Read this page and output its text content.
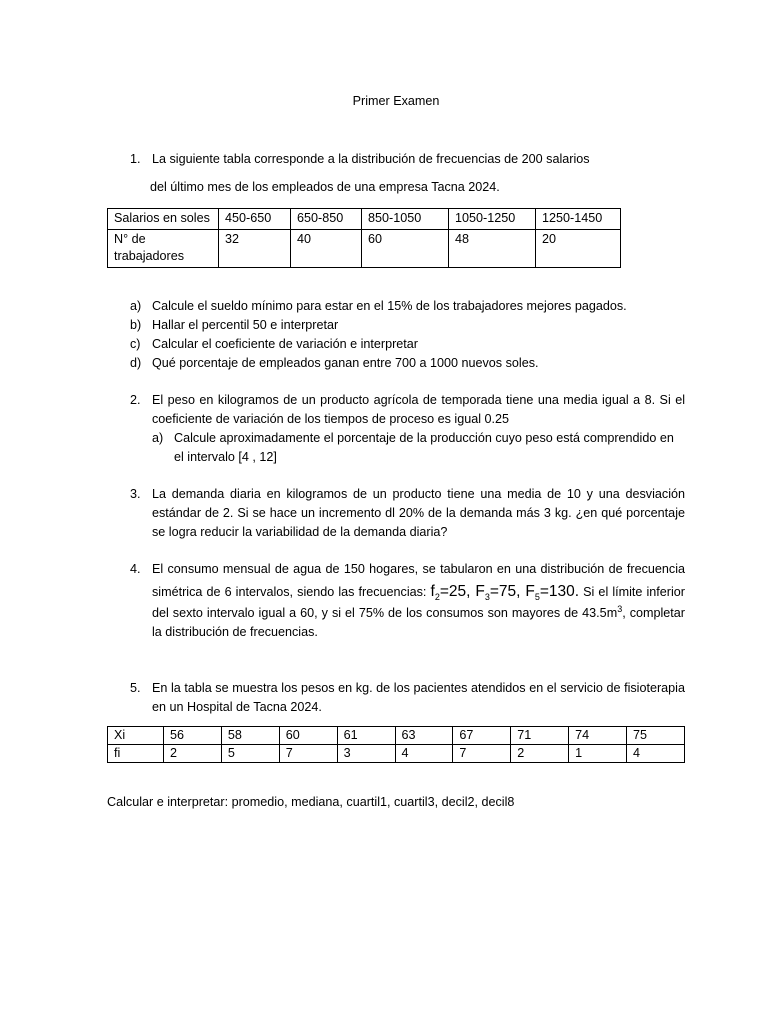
Primer Examen
1. La siguiente tabla corresponde a la distribución de frecuencias de 200 salarios
del último mes de los empleados de una empresa Tacna 2024.
Salarios en soles	450-650	650-850	850-1050	1050-1250	1250-1450

N° de
trabajadores	32	40	60	48	20
a) Calcule el sueldo mínimo para estar en el 15% de los trabajadores mejores pagados.
b) Hallar el percentil 50 e interpretar
c) Calcular el coeficiente de variación e interpretar
d) Qué porcentaje de empleados ganan entre 700 a 1000 nuevos soles.
2. El peso en kilogramos de un producto agrícola de temporada tiene una media igual a 8. Si el coeficiente de variación de los tiempos de proceso es igual 0.25
a) Calcule aproximadamente el porcentaje de la producción cuyo peso está comprendido en el intervalo [4 , 12]
3. La demanda diaria en kilogramos de un producto tiene una media de 10 y una desviación estándar de 2. Si se hace un incremento dl 20% de la demanda más 3 kg. ¿en qué porcentaje se logra reducir la variabilidad de la demanda diaria?
4. El consumo mensual de agua de 150 hogares, se tabularon en una distribución de frecuencia simétrica de 6 intervalos, siendo las frecuencias: $f_2=25$, $F_3=75$, $F_5=130$. Si el límite inferior del sexto intervalo igual a 60, y si el 75% de los consumos son mayores de $43.5m^3$, completar la distribución de frecuencias.
5. En la tabla se muestra los pesos en kg. de los pacientes atendidos en el servicio de fisioterapia en un Hospital de Tacna 2024.
Xi	56	58	60	61	63	67	71	74	75
fi	2	5	7	3	4	7	2	1	4
Calcular e interpretar: promedio, mediana, cuartil1, cuartil3, decil2, decil8
